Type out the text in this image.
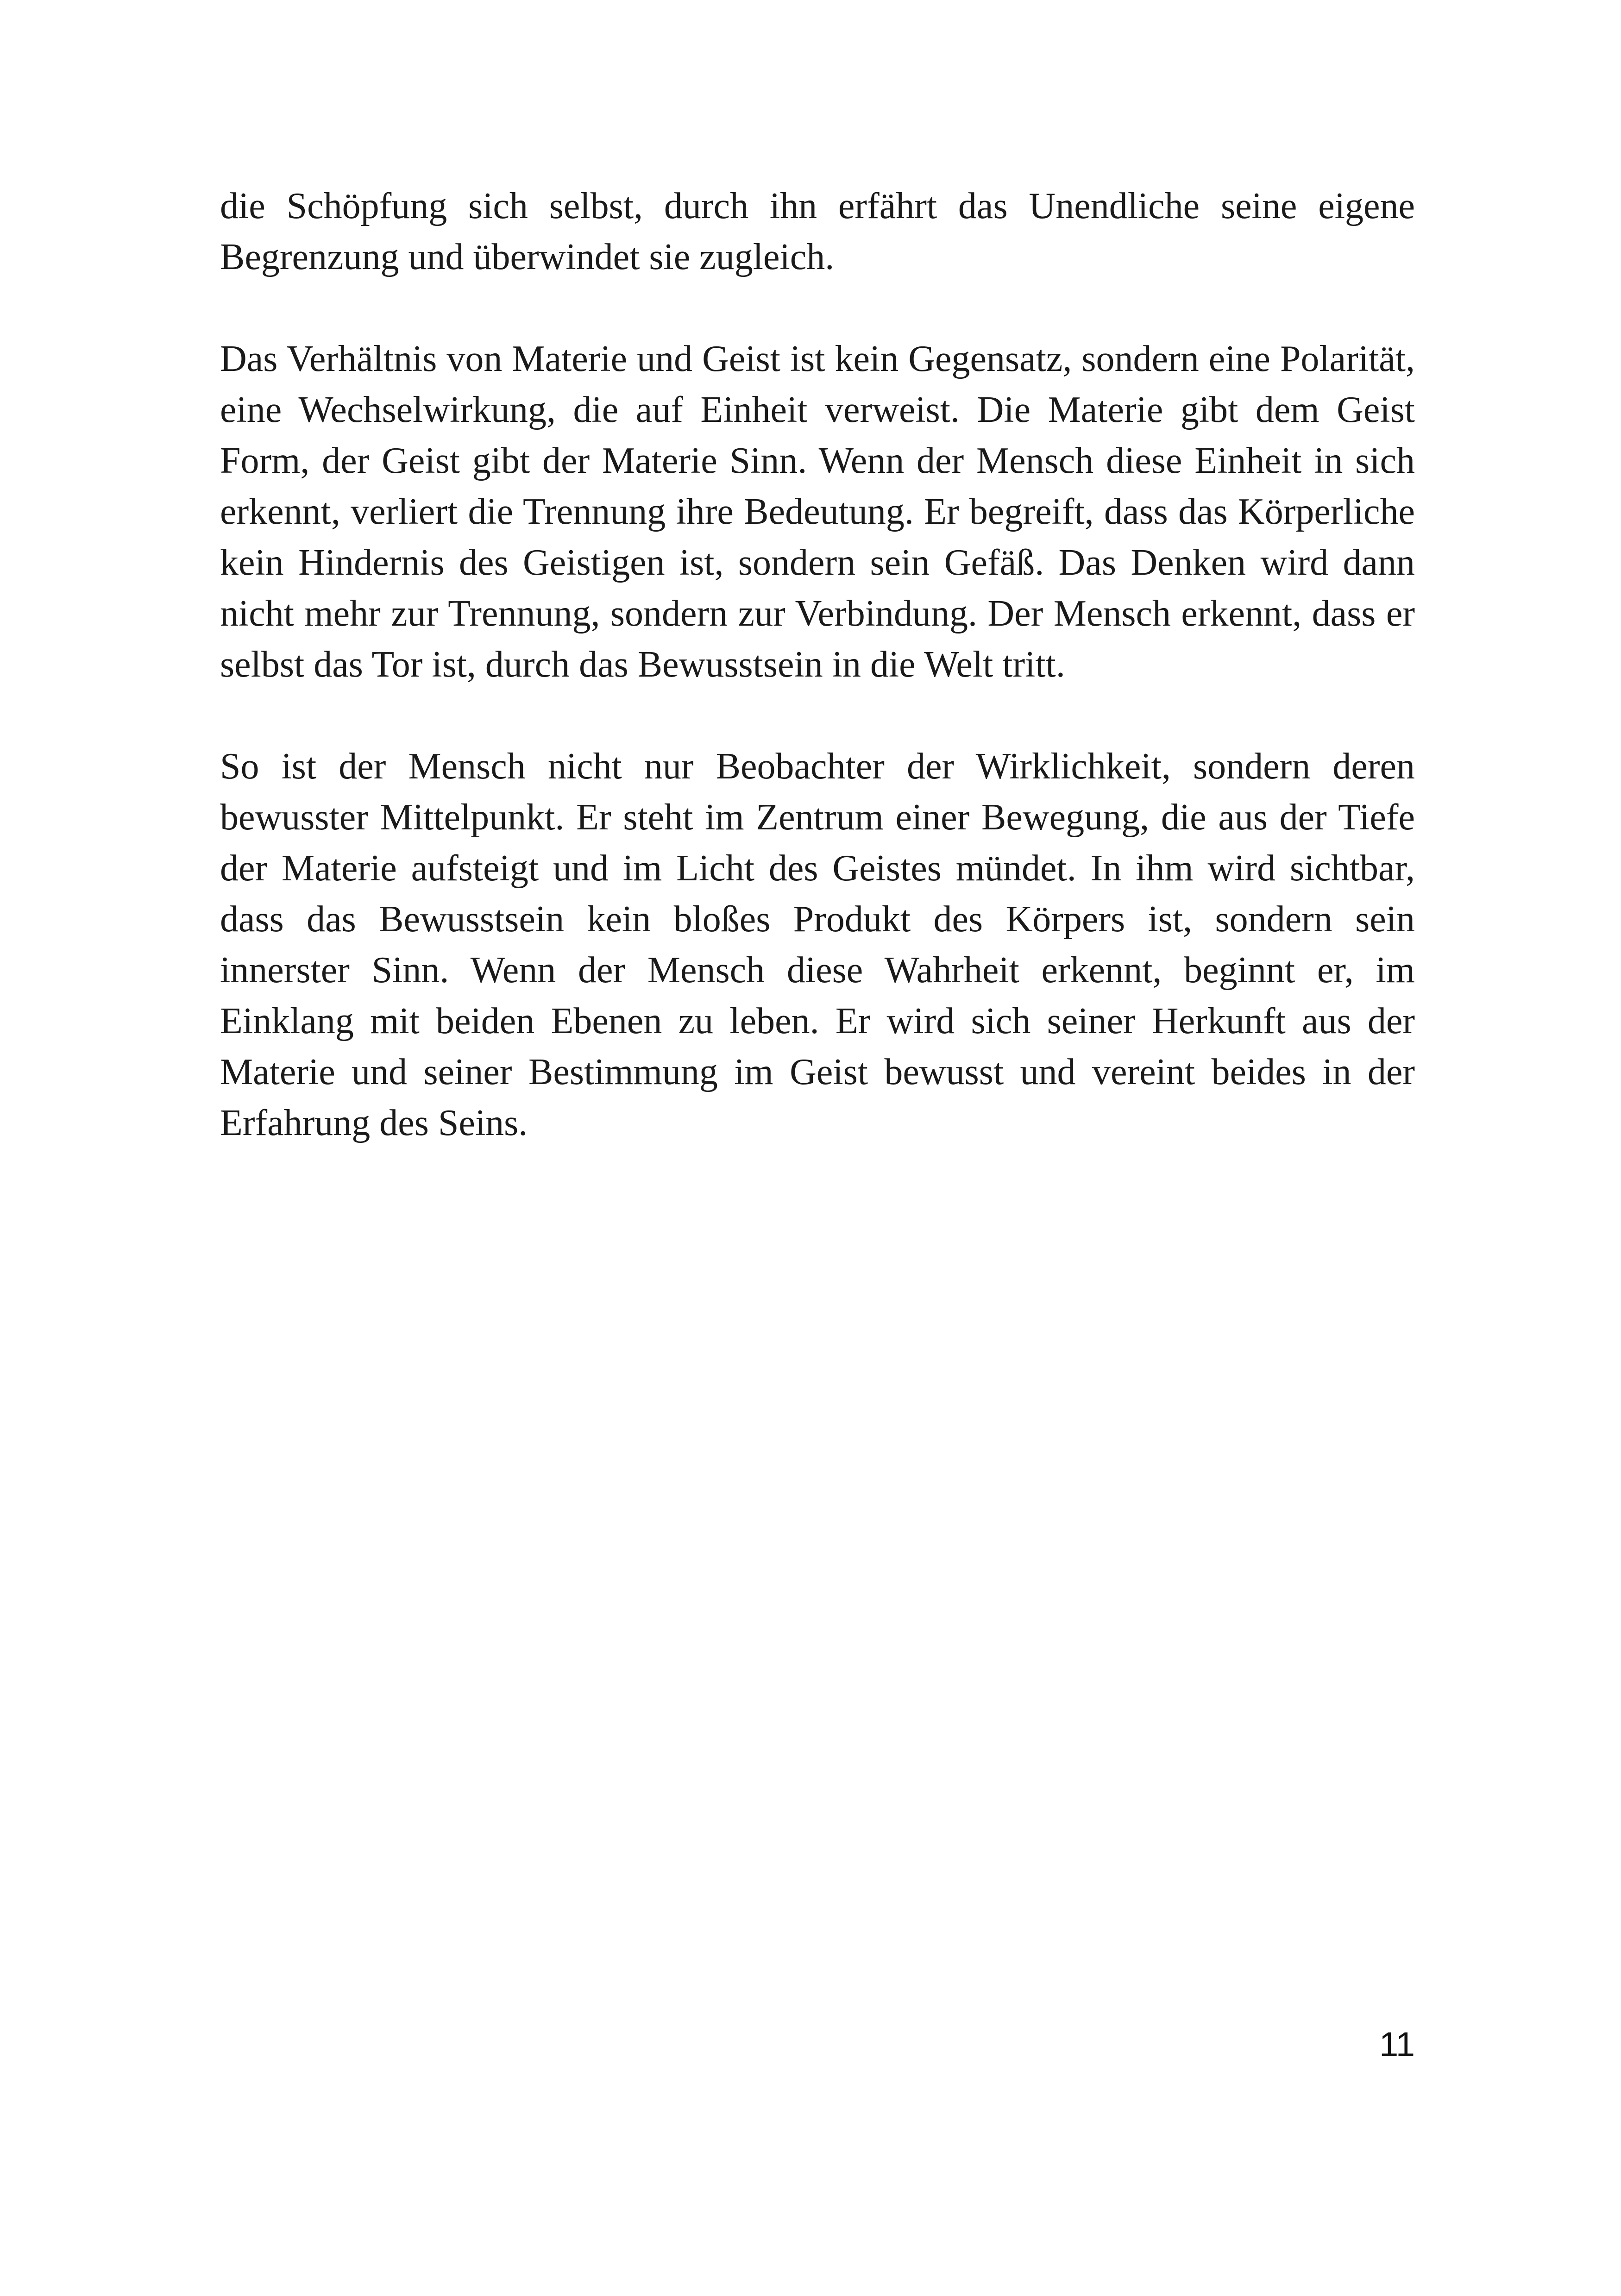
die Schöpfung sich selbst, durch ihn erfährt das Unendliche seine eigene Begrenzung und überwindet sie zugleich.

Das Verhältnis von Materie und Geist ist kein Gegensatz, sondern eine Polarität, eine Wechselwirkung, die auf Einheit verweist. Die Materie gibt dem Geist Form, der Geist gibt der Materie Sinn. Wenn der Mensch diese Einheit in sich erkennt, verliert die Trennung ihre Bedeutung. Er begreift, dass das Körperliche kein Hindernis des Geistigen ist, sondern sein Gefäß. Das Denken wird dann nicht mehr zur Trennung, sondern zur Verbindung. Der Mensch erkennt, dass er selbst das Tor ist, durch das Bewusstsein in die Welt tritt.

So ist der Mensch nicht nur Beobachter der Wirklichkeit, sondern deren bewusster Mittelpunkt. Er steht im Zentrum einer Bewegung, die aus der Tiefe der Materie aufsteigt und im Licht des Geistes mündet. In ihm wird sichtbar, dass das Bewusstsein kein bloßes Produkt des Körpers ist, sondern sein innerster Sinn. Wenn der Mensch diese Wahrheit erkennt, beginnt er, im Einklang mit beiden Ebenen zu leben. Er wird sich seiner Herkunft aus der Materie und seiner Bestimmung im Geist bewusst und vereint beides in der Erfahrung des Seins.

11
